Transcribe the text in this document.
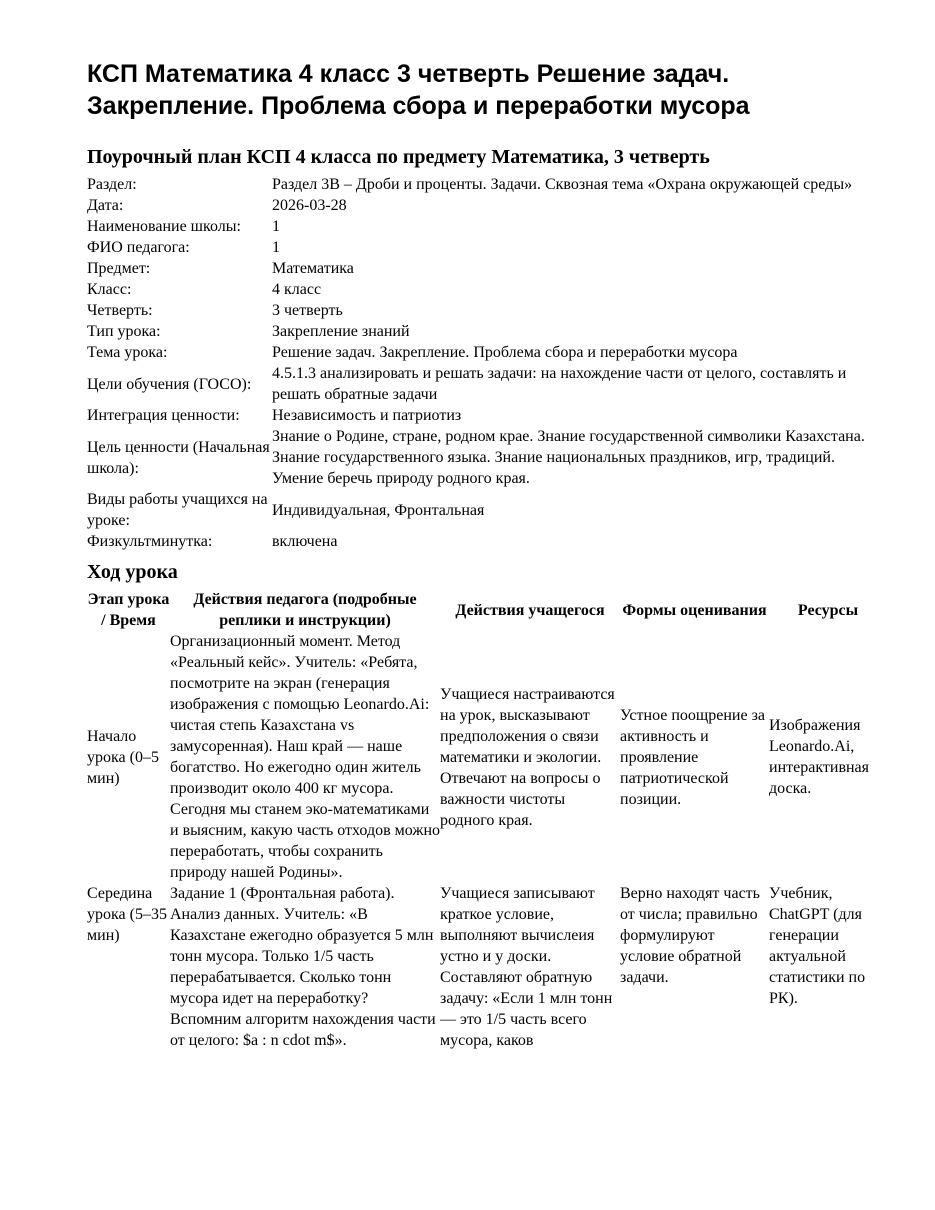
КСП Математика 4 класс 3 четверть Решение задач. Закрепление. Проблема сбора и переработки мусора
Поурочный план КСП 4 класса по предмету Математика, 3 четверть
Раздел:	Раздел 3В – Дроби и проценты. Задачи. Сквозная тема «Охрана окружающей среды»
Дата:	2026-03-28
Наименование школы:	1
ФИО педагога:	1
Предмет:	Математика
Класс:	4 класс
Четверть:	3 четверть
Тип урока:	Закрепление знаний
Тема урока:	Решение задач. Закрепление. Проблема сбора и переработки мусора
Цели обучения (ГОСО):	4.5.1.3 анализировать и решать задачи: на нахождение части от целого, составлять и решать обратные задачи
Интеграция ценности:	Независимость и патриотиз
Цель ценности (Начальная школа):	Знание о Родине, стране, родном крае. Знание государственной символики Казахстана. Знание государственного языка. Знание национальных праздников, игр, традиций. Умение беречь природу родного края.
Виды работы учащихся на уроке:	Индивидуальная, Фронтальная
Физкультминутка:	включена
Ход урока
Этап урока / Время	Действия педагога (подробные реплики и инструкции)	Действия учащегося	Формы оценивания	Ресурсы
Начало урока (0–5 мин)	Организационный момент. Метод «Реальный кейс». Учитель: «Ребята, посмотрите на экран (генерация изображения с помощью Leonardo.Ai: чистая степь Казахстана vs замусоренная). Наш край — наше богатство. Но ежегодно один житель производит около 400 кг мусора. Сегодня мы станем эко-математиками и выясним, какую часть отходов можно переработать, чтобы сохранить природу нашей Родины».	Учащиеся настраиваются на урок, высказывают предположения о связи математики и экологии. Отвечают на вопросы о важности чистоты родного края.	Устное поощрение за активность и проявление патриотической позиции.	Изображения Leonardo.Ai, интерактивная доска.
Середина урока (5–35 мин)	Задание 1 (Фронтальная работа). Анализ данных. Учитель: «В Казахстане ежегодно образуется 5 млн тонн мусора. Только 1/5 часть перерабатывается. Сколько тонн мусора идет на переработку? Вспомним алгоритм нахождения части от целого: $a : n cdot m$».	Учащиеся записывают краткое условие, выполняют вычислеия устно и у доски. Составляют обратную задачу: «Если 1 млн тонн — это 1/5 часть всего мусора, каков	Верно находят часть от числа; правильно формулируют условие обратной задачи.	Учебник, ChatGPT (для генерации актуальной статистики по РК).
